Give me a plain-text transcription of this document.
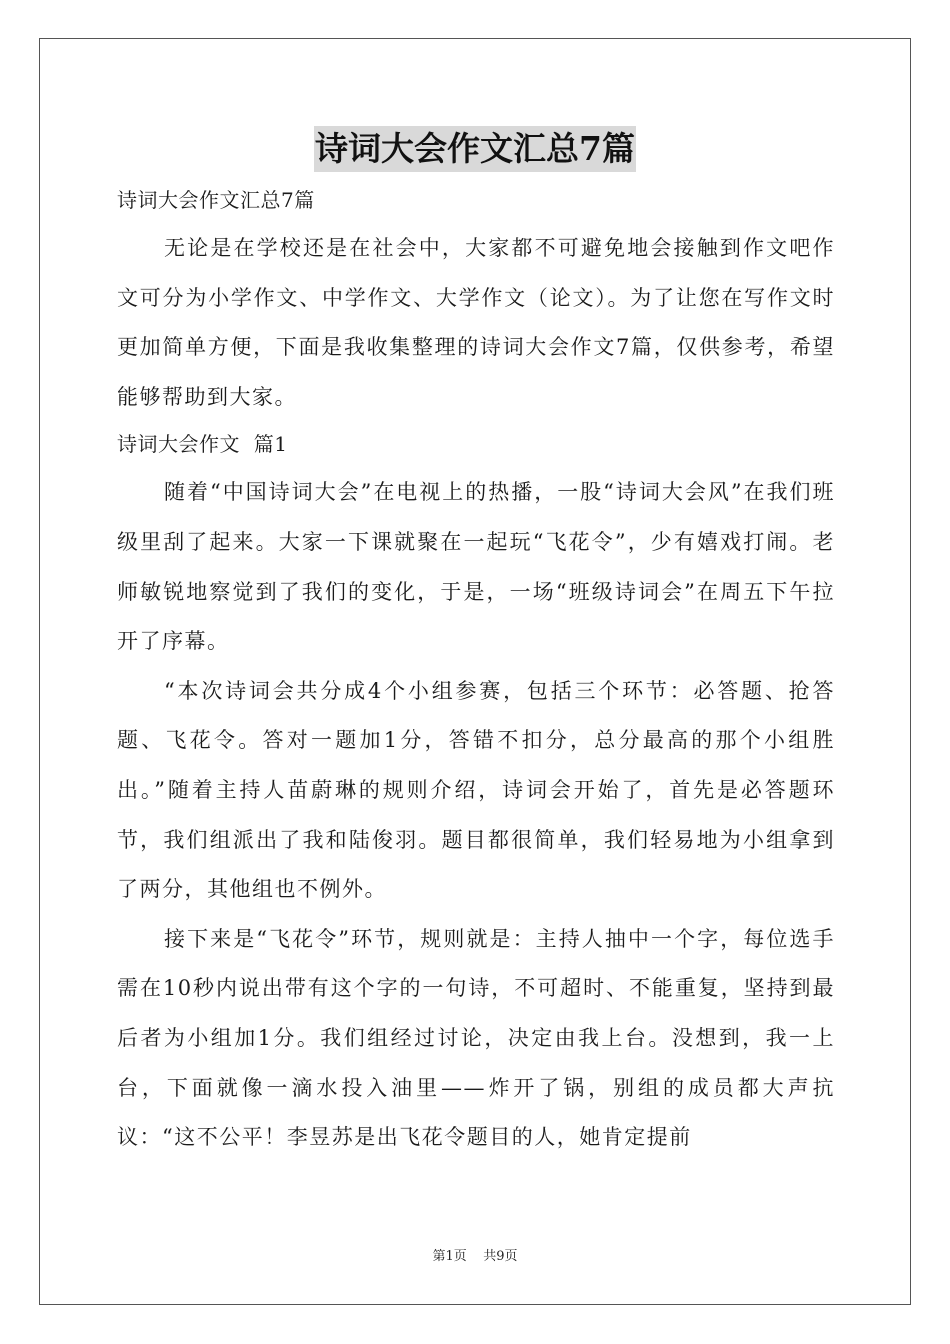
诗词大会作文汇总7篇

诗词大会作文汇总7篇

无论是在学校还是在社会中，大家都不可避免地会接触到作文吧作文可分为小学作文、中学作文、大学作文（论文）。为了让您在写作文时更加简单方便，下面是我收集整理的诗词大会作文7篇，仅供参考，希望能够帮助到大家。

诗词大会作文  篇1

随着“中国诗词大会”在电视上的热播，一股“诗词大会风”在我们班级里刮了起来。大家一下课就聚在一起玩“飞花令”，少有嬉戏打闹。老师敏锐地察觉到了我们的变化，于是，一场“班级诗词会”在周五下午拉开了序幕。

“本次诗词会共分成4个小组参赛，包括三个环节：必答题、抢答题、飞花令。答对一题加1分，答错不扣分，总分最高的那个小组胜出。”随着主持人苗蔚琳的规则介绍，诗词会开始了，首先是必答题环节，我们组派出了我和陆俊羽。题目都很简单，我们轻易地为小组拿到了两分，其他组也不例外。

接下来是“飞花令”环节，规则就是：主持人抽中一个字，每位选手需在10秒内说出带有这个字的一句诗，不可超时、不能重复，坚持到最后者为小组加1分。我们组经过讨论，决定由我上台。没想到，我一上台，下面就像一滴水投入油里——炸开了锅，别组的成员都大声抗议：“这不公平！李昱苏是出飞花令题目的人，她肯定提前

第1页    共9页
